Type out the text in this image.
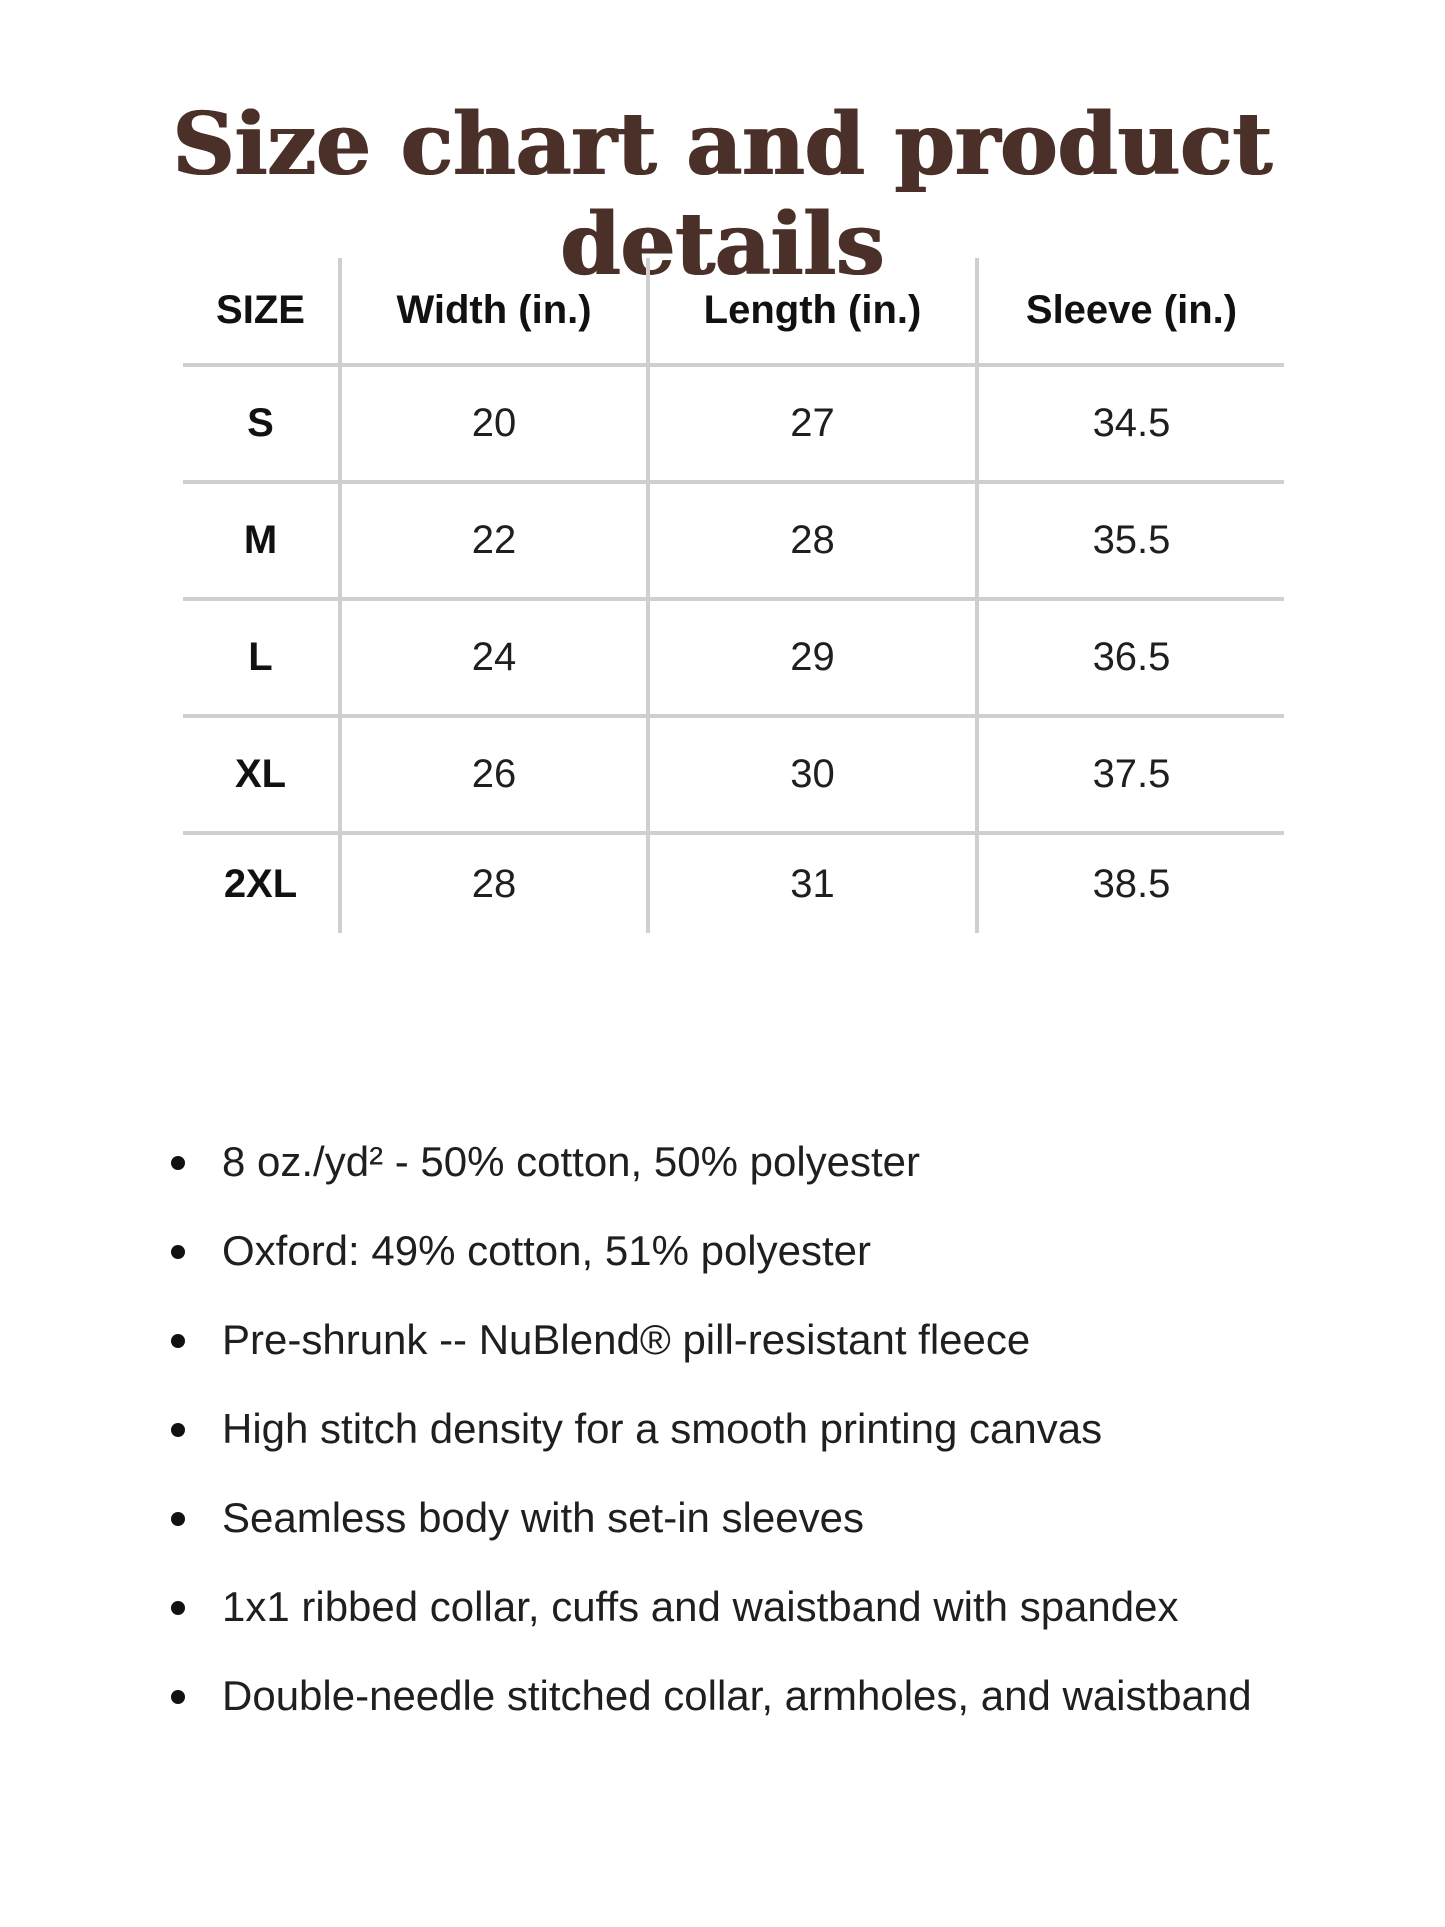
Size chart and product details
SIZE	Width (in.)	Length (in.)	Sleeve (in.)
S	20	27	34.5
M	22	28	35.5
L	24	29	36.5
XL	26	30	37.5
2XL	28	31	38.5
8 oz./yd² - 50% cotton, 50% polyester
Oxford: 49% cotton, 51% polyester
Pre-shrunk -- NuBlend® pill-resistant fleece
High stitch density for a smooth printing canvas
Seamless body with set-in sleeves
1x1 ribbed collar, cuffs and waistband with spandex
Double-needle stitched collar, armholes, and waistband
